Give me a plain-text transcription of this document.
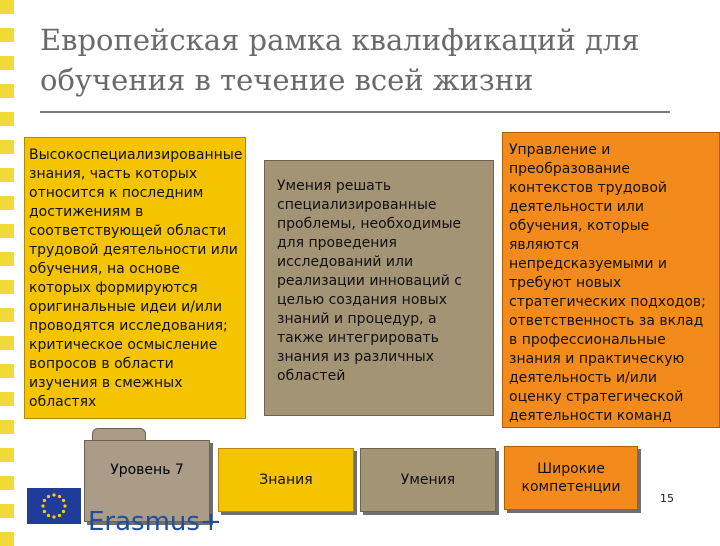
Европейская рамка квалификаций для
обучения в течение всей жизни
Высокоспециализированные
знания, часть которых
относится к последним
достижениям в
соответствующей области
трудовой деятельности или
обучения, на основе
которых формируются
оригинальные идеи и/или
проводятся исследования;
критическое осмысление
вопросов в области
изучения в смежных
областях
Умения решать
специализированные
проблемы, необходимые
для проведения
исследований или
реализации инноваций с
целью создания новых
знаний и процедур, а
также интегрировать
знания из различных
областей
Управление и
преобразование
контекстов трудовой
деятельности или
обучения, которые
являются
непредсказуемыми и
требуют новых
стратегических подходов;
ответственность за вклад
в профессиональные
знания и практическую
деятельность и/или
оценку стратегической
деятельности команд
Уровень 7
Знания	Умения
Широкие
компетенции
Erasmus+
15
